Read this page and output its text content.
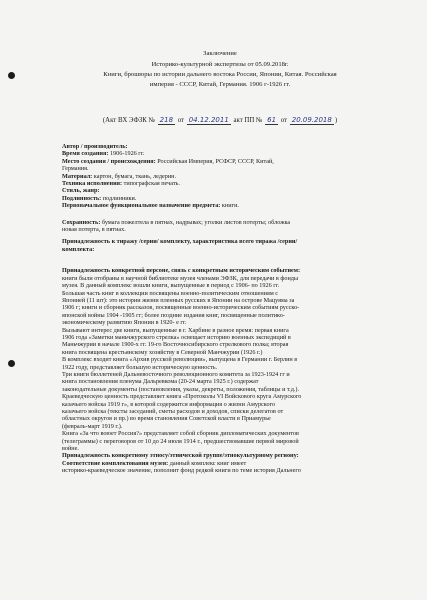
Заключение
Историко-культурной экспертизы от 05.09.2018г.
Книги, брошюры по истории дальнего востока России, Японии, Китая. Российская
империя - СССР, Китай, Германия. 1906 г-1926 гг.
(Акт ВХ ЭФЗК № 218 от 04.12.2011 акт ПП № 61 от 20.09.2018 )

Автор / производитель:

Время создания: 1906-1926 гг.

Место создания / происхождения: Российская Империя, РСФСР, СССР, Китай,

Германия.

Материал: картон, бумага, ткань, ледерин.

Техника исполнения: типографская печать.

Стиль, жанр:

Подлинность: подлинники.

Первоначальное функциональное назначение предмета: книги.

Сохранность: бумага пожелтела в пятнах, надрывах; уголки листов потерты; обложка

новая потерта, в пятнах.

Принадлежность к тиражу /серии/ комплекту, характеристика всего тиража /серии/

комплекта:

Принадлежность конкретной персоне, связь с конкретным историческим событием:

книги были отобраны в научной библиотеке музея членами ЭФЗК, для передачи в фонды
музея. В данный комплекс вошли книги, выпущенные в период с 1906- по 1926 гг.
Большая часть книг в коллекции посвящены военно-политическим отношениям с
Японией (11 шт): это истории жизни пленных русских в Японии на острове Мацуяма за
1906 г; книги и сборник рассказов, посвященные военно-историческим событиям русско-
японской войны 1904 -1905 гг; более поздние издания книг, посвященные политико-
экономическому развитию Японии в 1920- е гг.

Вызывают интерес две книги, выпущенные в г. Харбине в разное время: первая книга
1906 года «Заметки маньчжурского стрелка» освещает историю военных экспедиций в
Маньчжурии в начале 1900-х гг. 19-го Восточносибирского стрелкового полка; вторая
книга посвящена крестьянскому хозяйству в Северной Манчжурии (1926 г.)

В комплекс входит книга «Архив русской революции», выпущена в Германии г. Берлин в
1922 году, представляет большую историческую ценность.

Три книги бюллетеней Дальневосточного революционного комитета за 1923-1924 гг и
книга постановления пленума Дальревкома (20-24 марта 1925 г.) содержат
законодательные документы (постановления, указы, декреты, положения, таблицы и т.д.).
Краеведческую ценность представляет книга «Протоколы VI Войскового круга Амурского
казачьего войска 1919 г», в которой содержится информация о жизни Амурского
казачьего войска (тексты заседаний, сметы расходов и доходов, списки делегатов от
областных округов и пр.) во время становления Советской власти в Приамурье
(февраль-март 1919 г.).

Книга «За что воюет Россия?» представляет собой сборник дипломатических документов
(телеграммы) с переговоров от 10 до 24 июля 1914 г., предшествовавшие первой мировой
войне.

Принадлежность конкретному этносу/этнической группе/этнокультурному региону:

Соответствие комплектования музея: данный комплекс книг имеет

историко-краеведческое значение, пополнит фонд редкой книги по теме история Дальнего
